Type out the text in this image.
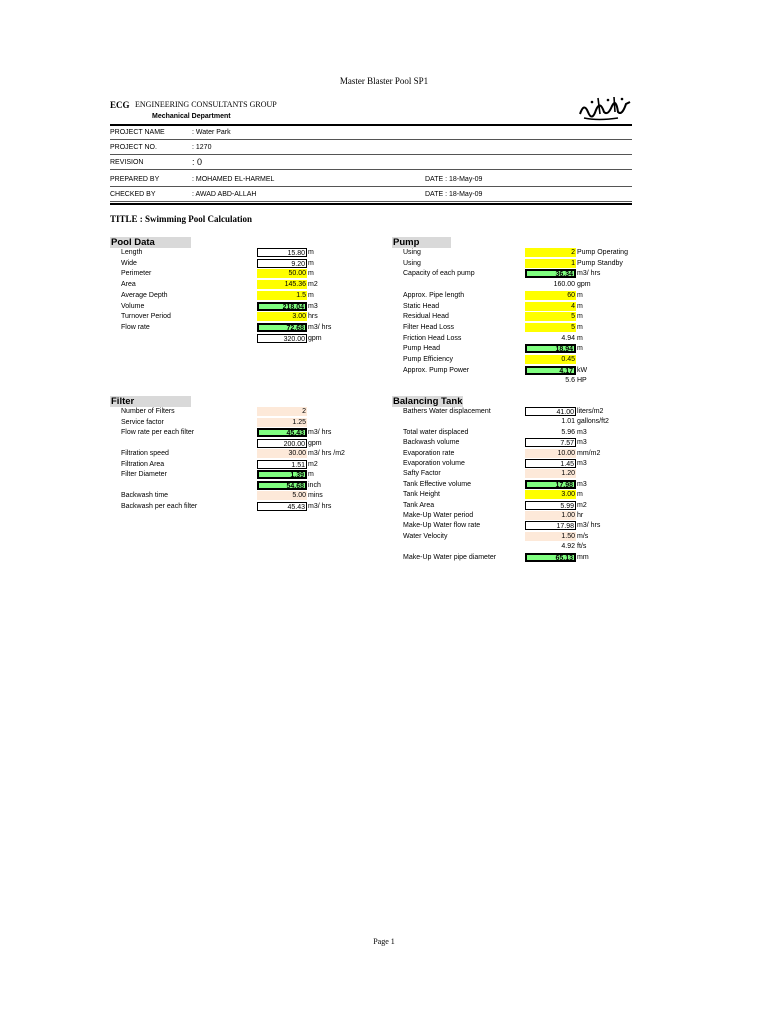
Master Blaster Pool SP1
ECG ENGINEERING CONSULTANTS GROUP
Mechanical Department
PROJECT NAME	: Water Park
PROJECT NO.	: 1270
REVISION	: 0
PREPARED BY	: MOHAMED EL-HARMEL	DATE : 18-May-09
CHECKED BY	: AWAD ABD-ALLAH	DATE : 18-May-09
TITLE : Swimming Pool Calculation
Pool Data	Pump
Filter	Balancing Tank
Length	15.80 m
Wide	9.20 m
Perimeter	50.00 m
Area	145.36 m2
Average Depth	1.5 m
Volume	218.04 m3
Turnover Period	3.00 hrs
Flow rate	72.68 m3/ hrs
320.00 gpm
Using	2 Pump Operating
Using	1 Pump Standby
Capacity of each pump	36.34 m3/ hrs
160.00 gpm
Approx. Pipe length	60 m
Static Head	4 m
Residual Head	5 m
Filter Head Loss	5 m
Friction Head Loss	4.94 m
Pump Head	18.94 m
Pump Efficiency	0.45
Approx. Pump Power	4.17 kW
5.6 HP
Number of Filters	2
Service factor	1.25
Flow rate per each filter	45.43 m3/ hrs
200.00 gpm
Filtration speed	30.00 m3/ hrs /m2
Filtration Area	1.51 m2
Filter Diameter	1.39 m
54.68 inch
Backwash time	5.00 mins
Backwash per each filter	45.43 m3/ hrs
Bathers Water displacement	41.00 liters/m2
1.01 gallons/ft2
Total water displaced	5.96 m3
Backwash volume	7.57 m3
Evaporation rate	10.00 mm/m2
Evaporation volume	1.45 m3
Safty Factor	1.20
Tank Effective volume	17.98 m3
Tank Height	3.00 m
Tank Area	5.99 m2
Make-Up Water period	1.00 hr
Make-Up Water flow rate	17.98 m3/ hrs
Water Velocity	1.50 m/s
4.92 ft/s
Make-Up Water pipe diameter	65.13 mm
Page 1
